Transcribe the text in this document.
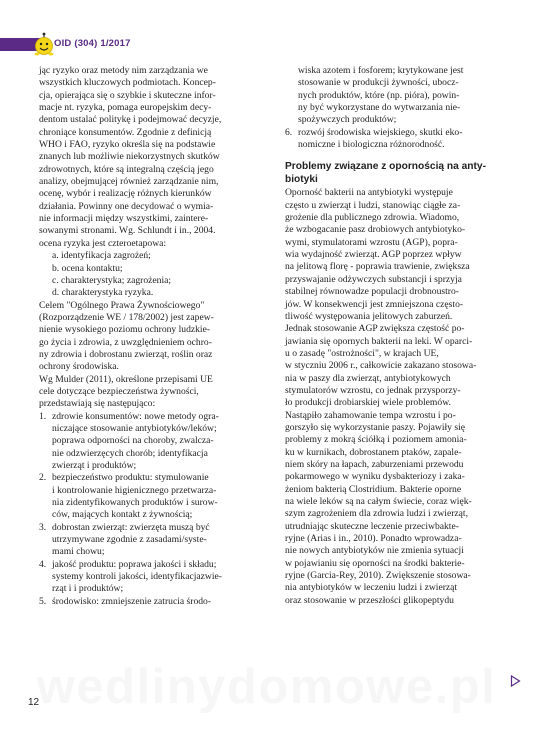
OID (304) 1/2017

jąc ryzyko oraz metody nim zarządzania we

wszystkich kluczowych podmiotach. Koncep-

cja, opierająca się o szybkie i skuteczne infor-

macje nt. ryzyka, pomaga europejskim decy-

dentom ustalać politykę i podejmować decyzje,

chroniące konsumentów. Zgodnie z definicją

WHO i FAO, ryzyko określa się na podstawie

znanych lub możliwie niekorzystnych skutków

zdrowotnych, które są integralną częścią jego

analizy, obejmującej również zarządzanie nim,

ocenę, wybór i realizację różnych kierunków

działania. Powinny one decydować o wymia-

nie informacji między wszystkimi, zaintere-

sowanymi stronami. Wg. Schlundt i in., 2004.

ocena ryzyka jest czteroetapowa:

a. identyfikacja zagrożeń;

b. ocena kontaktu;

c. charakterystyka; zagrożenia;

d. charakterystyka ryzyka.

Celem "Ogólnego Prawa Żywnościowego"

(Rozporządzenie WE / 178/2002) jest zapew-

nienie wysokiego poziomu ochrony ludzkie-

go życia i zdrowia, z uwzględnieniem ochro-

ny zdrowia i dobrostanu zwierząt, roślin oraz

ochrony środowiska.

Wg Mulder (2011), określone przepisami UE

cele dotyczące bezpieczeństwa żywności,

przedstawiają się następująco:

1. zdrowie konsumentów: nowe metody ogra-
niczające stosowanie antybiotyków/leków;
poprawa odporności na choroby, zwalcza-
nie odzwierzęcych chorób; identyfikacja
zwierząt i produktów;
2. bezpieczeństwo produktu: stymulowanie
i kontrolowanie higienicznego przetwarza-
nia zidentyfikowanych produktów i surow-
ców, mających kontakt z żywnością;
3. dobrostan zwierząt: zwierzęta muszą być
utrzymywane zgodnie z zasadami/syste-
mami chowu;
4. jakość produktu: poprawa jakości i składu;
systemy kontroli jakości, identyfikacjazwie-
rząt i i produktów;
5. środowisko: zmniejszenie zatrucia środo-
wiska azotem i fosforem; krytykowane jest
stosowanie w produkcji żywności, ubocz-
nych produktów, które (np. pióra), powin-
ny być wykorzystane do wytwarzania nie-
spożywczych produktów;
6. rozwój środowiska wiejskiego, skutki eko-
nomiczne i biologiczna różnorodność.
Problemy związane z opornością na anty-
biotyki

Oporność bakterii na antybiotyki występuje

często u zwierząt i ludzi, stanowiąc ciągłe za-

grożenie dla publicznego zdrowia. Wiadomo,

że wzbogacanie pasz drobiowych antybiotyko-

wymi, stymulatorami wzrostu (AGP), popra-

wia wydajność zwierząt. AGP poprzez wpływ

na jelitową florę - poprawia trawienie, zwiększa

przyswajanie odżywczych substancji i sprzyja

stabilnej równowadze populacji drobnoustro-

jów. W konsekwencji jest zmniejszona często-

tliwość występowania jelitowych zaburzeń.

Jednak stosowanie AGP zwiększa częstość po-

jawiania się opornych bakterii na leki. W oparci-

u o zasadę "ostrożności", w krajach UE,

w styczniu 2006 r., całkowicie zakazano stosowa-

nia w paszy dla zwierząt, antybiotykowych

stymulatorów wzrostu, co jednak przysporzy-

ło produkcji drobiarskiej wiele problemów.

Nastąpiło zahamowanie tempa wzrostu i po-

gorszyło się wykorzystanie paszy. Pojawiły się

problemy z mokrą ściółką i poziomem amonia-

ku w kurnikach, dobrostanem ptaków, zapale-

niem skóry na łapach, zaburzeniami przewodu

pokarmowego w wyniku dysbakteriozy i zaka-

żeniom bakterią Clostridium. Bakterie oporne

na wiele leków są na całym świecie, coraz więk-

szym zagrożeniem dla zdrowia ludzi i zwierząt,

utrudniając skuteczne leczenie przeciwbakte-

ryjne (Arias i in., 2010). Ponadto wprowadza-

nie nowych antybiotyków nie zmienia sytuacji

w pojawianiu się oporności na środki bakterie-

ryjne (Garcia-Rey, 2010). Zwiększenie stosowa-

nia antybiotyków w leczeniu ludzi i zwierząt

oraz stosowanie w przeszłości glikopeptydu

wedlinydomowe.pl
12
